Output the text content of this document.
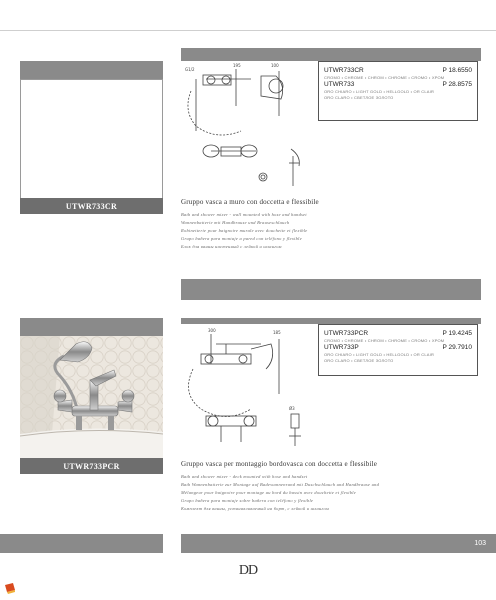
UTWR733CR
195
G1/2
100
UTWR733CR	P 18.6550
CROMO • CHROME • CHROM • CHROME • CROMO • ХРОМ
UTWR733	P 28.8575
ORO CHIARO • LIGHT GOLD • HELLGOLD • OR CLAIR
ORO CLARO • СВЕТЛОЕ ЗОЛОТО
Gruppo vasca a muro con doccetta e flessibile
Bath and shower mixer - wall mounted with hose and handset
Wannenbatterie mit Handbrause und Brauseschlauch
Robinetterie pour baignoire murale avec douchette et flexible
Grupo bañera para montaje a pared con teléfono y flexible
Блок для ванны настенный с лейкой и шлангом
UTWR733PCR
300	185
Ø3
UTWR733PCR	P 19.4245
CROMO • CHROME • CHROM • CHROME • CROMO • ХРОМ
UTWR733P	P 29.7910
ORO CHIARO • LIGHT GOLD • HELLGOLD • OR CLAIR
ORO CLARO • СВЕТЛОЕ ЗОЛОТО
Gruppo vasca per montaggio bordovasca con doccetta e flessibile
Bath and shower mixer - deck mounted with hose and handset
Bath Wannenbatterie zur Montage auf Badewannenrand mit Duschschlauch und Handbrause und
Mélangeur pour baignoire pour montage au bord du bassin avec douchette et flexible
Grupo bañera para montaje sobre bañera con teléfono y flexible
Комплект для ванны, устанавливаемый на борт, с лейкой и шлангом
103
DD
